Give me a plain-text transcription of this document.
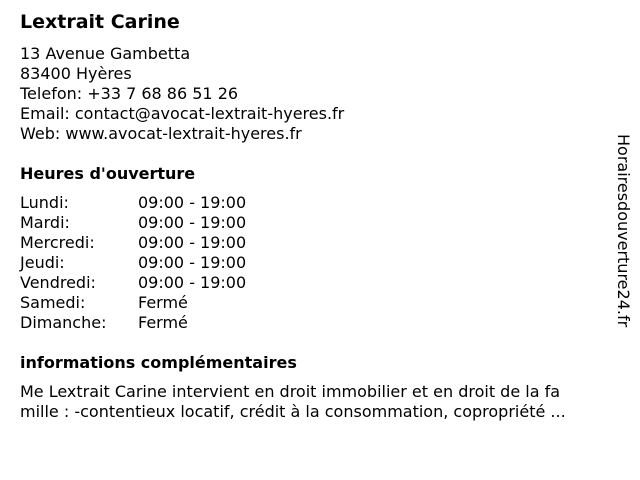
Lextrait Carine
13 Avenue Gambetta
83400 Hyères
Telefon: +33 7 68 86 51 26
Email: contact@avocat-lextrait-hyeres.fr
Web: www.avocat-lextrait-hyeres.fr
Heures d'ouverture
Lundi:	09:00 - 19:00
Mardi:	09:00 - 19:00
Mercredi:	09:00 - 19:00
Jeudi:	09:00 - 19:00
Vendredi:	09:00 - 19:00
Samedi:	Fermé
Dimanche:	Fermé
informations complémentaires
Me Lextrait Carine intervient en droit immobilier et en droit de la fa
mille : -contentieux locatif, crédit à la consommation, copropriété ...
Horairesdouverture24.fr
